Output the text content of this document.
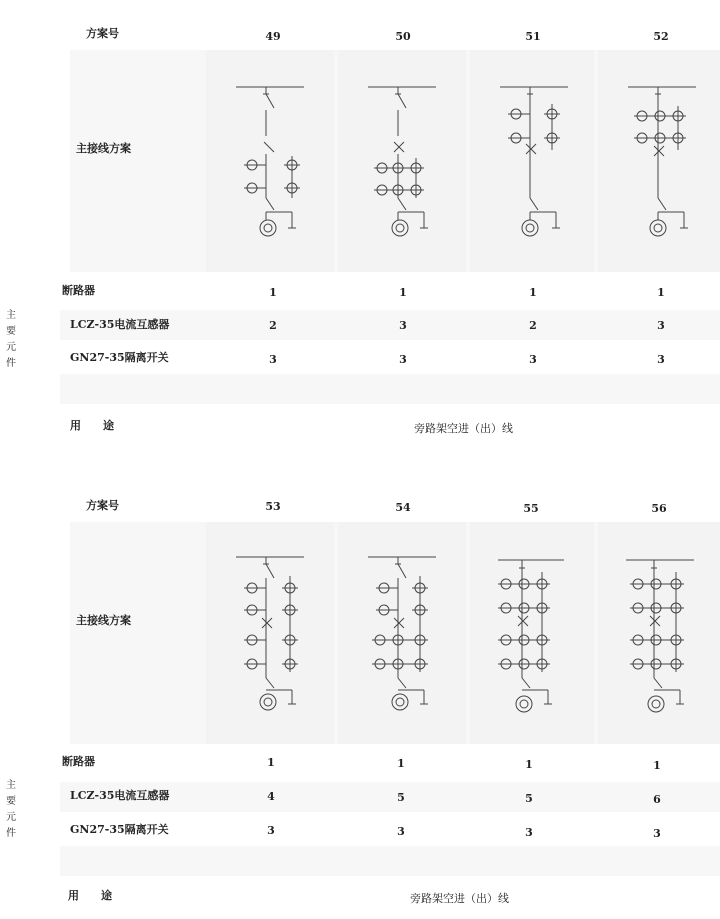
方案号	49	50	51	52
主接线方案
主
要
元
件
断路器	1	1	1	1
LCZ-35电流互感器	2	3	2	3
GN27-35隔离开关	3	3	3	3
用　　途	旁路架空进（出）线
方案号	53	54	55	56
主接线方案
主
要
元
件
断路器	1	1	1	1
LCZ-35电流互感器	4	5	5	6
GN27-35隔离开关	3	3	3	3
用　　途	旁路架空进（出）线
